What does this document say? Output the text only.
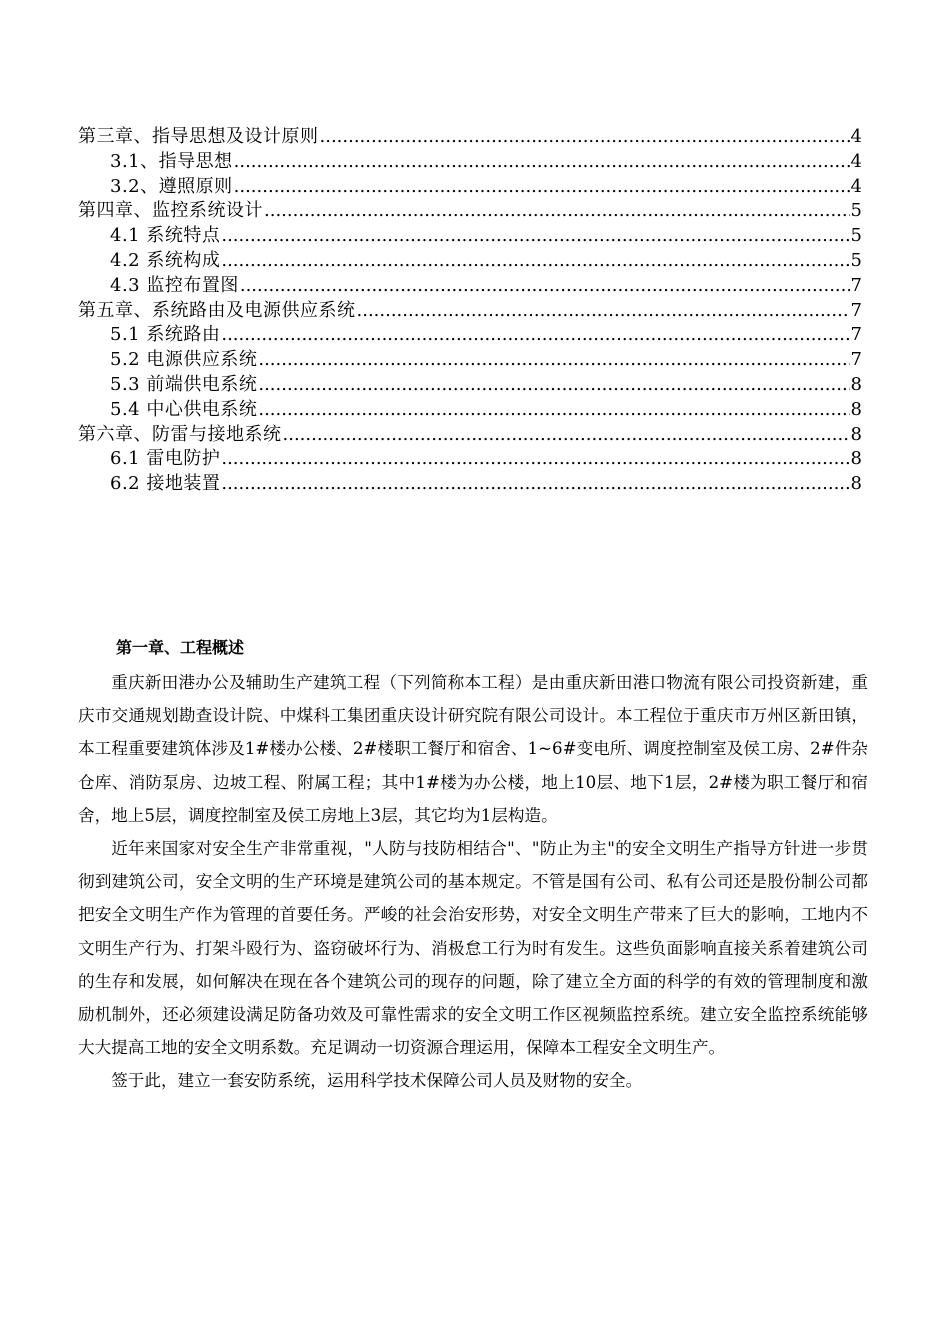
第三章、指导思想及设计原则 .....	4
3.1、指导思想 .....	4
3.2、遵照原则 .....	4
第四章、监控系统设计 .....	5
4.1 系统特点 .....	5
4.2 系统构成 .....	5
4.3 监控布置图 .....	7
第五章、系统路由及电源供应系统 .....	7
5.1 系统路由 .....	7
5.2 电源供应系统 .....	7
5.3 前端供电系统 .....	8
5.4 中心供电系统 .....	8
第六章、防雷与接地系统 .....	8
6.1 雷电防护 .....	8
6.2 接地装置 .....	8
第一章、工程概述

重庆新田港办公及辅助生产建筑工程（下列简称本工程）是由重庆新田港口物流有限公司投资新建，重庆市交通规划勘查设计院、中煤科工集团重庆设计研究院有限公司设计。本工程位于重庆市万州区新田镇，本工程重要建筑体涉及1#楼办公楼、2#楼职工餐厅和宿舍、1~6#变电所、调度控制室及侯工房、2#件杂仓库、消防泵房、边坡工程、附属工程；其中1#楼为办公楼，地上10层、地下1层，2#楼为职工餐厅和宿舍，地上5层，调度控制室及侯工房地上3层，其它均为1层构造。

近年来国家对安全生产非常重视，"人防与技防相结合"、"防止为主"的安全文明生产指导方针进一步贯彻到建筑公司，安全文明的生产环境是建筑公司的基本规定。不管是国有公司、私有公司还是股份制公司都把安全文明生产作为管理的首要任务。严峻的社会治安形势，对安全文明生产带来了巨大的影响，工地内不文明生产行为、打架斗殴行为、盗窃破坏行为、消极怠工行为时有发生。这些负面影响直接关系着建筑公司的生存和发展，如何解决在现在各个建筑公司的现存的问题，除了建立全方面的科学的有效的管理制度和激励机制外，还必须建设满足防备功效及可靠性需求的安全文明工作区视频监控系统。建立安全监控系统能够大大提高工地的安全文明系数。充足调动一切资源合理运用，保障本工程安全文明生产。

签于此，建立一套安防系统，运用科学技术保障公司人员及财物的安全。
